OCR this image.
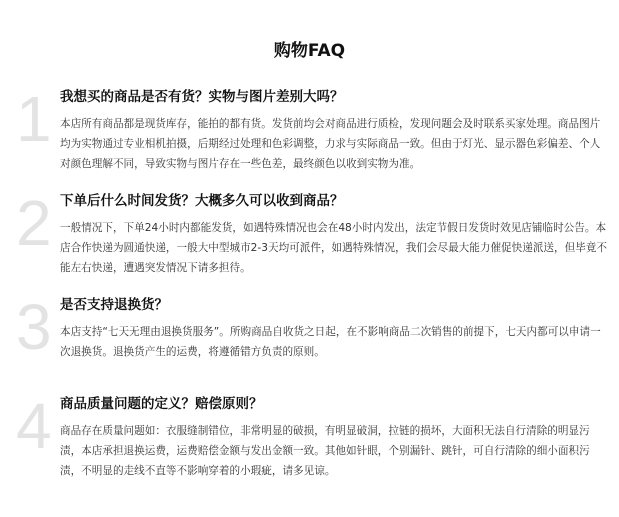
购物FAQ
1 我想买的商品是否有货？实物与图片差别大吗？
本店所有商品都是现货库存，能拍的都有货。发货前均会对商品进行质检，发现问题会及时联系买家处理。商品图片均为实物通过专业相机拍摄，后期经过处理和色彩调整，力求与实际商品一致。但由于灯光、显示器色彩偏差、个人对颜色理解不同，导致实物与图片存在一些色差，最终颜色以收到实物为准。
2 下单后什么时间发货？大概多久可以收到商品？
一般情况下，下单24小时内都能发货，如遇特殊情况也会在48小时内发出，法定节假日发货时效见店铺临时公告。本店合作快递为圆通快递，一般大中型城市2-3天均可派件，如遇特殊情况，我们会尽最大能力催促快递派送，但毕竟不能左右快递，遭遇突发情况下请多担待。
3 是否支持退换货？
本店支持“七天无理由退换货服务”。所购商品自收货之日起，在不影响商品二次销售的前提下，七天内都可以申请一次退换货。退换货产生的运费，将遵循错方负责的原则。
4 商品质量问题的定义？赔偿原则？
商品存在质量问题如：衣服缝制错位，非常明显的破损，有明显破洞，拉链的损坏，大面积无法自行清除的明显污渍，本店承担退换运费，运费赔偿金额与发出金额一致。其他如针眼，个别漏针、跳针，可自行清除的细小面积污渍，不明显的走线不直等不影响穿着的小瑕疵，请多见谅。
